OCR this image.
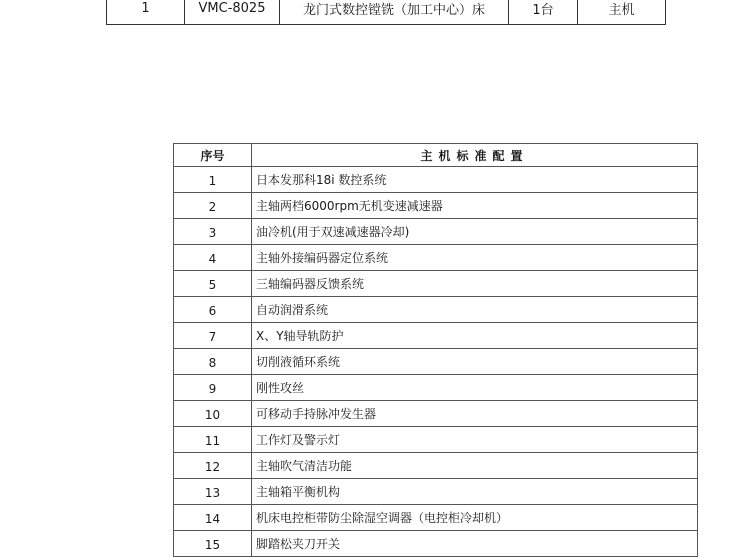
1	VMC-8025	龙门式数控镗铣（加工中心）床	1台	主机
序号	主机标准配置
1	日本发那科18i 数控系统
2	主轴两档6000rpm无机变速减速器
3	油冷机(用于双速减速器冷却)
4	主轴外接编码器定位系统
5	三轴编码器反馈系统
6	自动润滑系统
7	X、Y轴导轨防护
8	切削液循环系统
9	刚性攻丝
10	可移动手持脉冲发生器
11	工作灯及警示灯
12	主轴吹气清洁功能
13	主轴箱平衡机构
14	机床电控柜带防尘除湿空调器（电控柜冷却机）
15	脚踏松夹刀开关
